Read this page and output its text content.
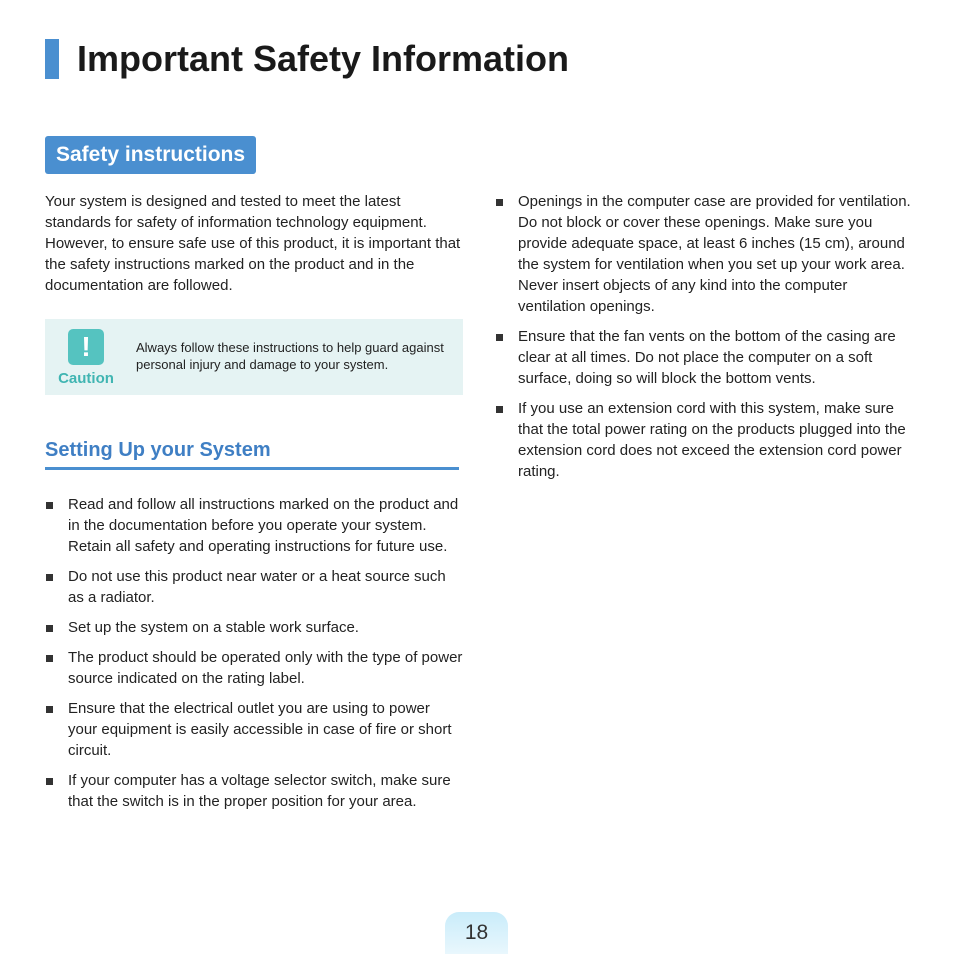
Important Safety Information
Safety instructions

Your system is designed and tested to meet the latest standards for safety of information technology equipment. However, to ensure safe use of this product, it is important that the safety instructions marked on the product and in the documentation are followed.

!
Caution

Always follow these instructions to help guard against personal injury and damage to your system.

Setting Up your System
Read and follow all instructions marked on the product and in the documentation before you operate your system. Retain all safety and operating instructions for future use.
Do not use this product near water or a heat source such as a radiator.
Set up the system on a stable work surface.
The product should be operated only with the type of power source indicated on the rating label.
Ensure that the electrical outlet you are using to power your equipment is easily accessible in case of fire or short circuit.
If your computer has a voltage selector switch, make sure that the switch is in the proper position for your area.
Openings in the computer case are provided for ventilation. Do not block or cover these openings. Make sure you provide adequate space, at least 6 inches (15 cm), around the system for ventilation when you set up your work area.
Never insert objects of any kind into the computer ventilation openings.
Ensure that the fan vents on the bottom of the casing are clear at all times. Do not place the computer on a soft surface, doing so will block the bottom vents.
If you use an extension cord with this system, make sure that the total power rating on the products plugged into the extension cord does not exceed the extension cord power rating.
18
